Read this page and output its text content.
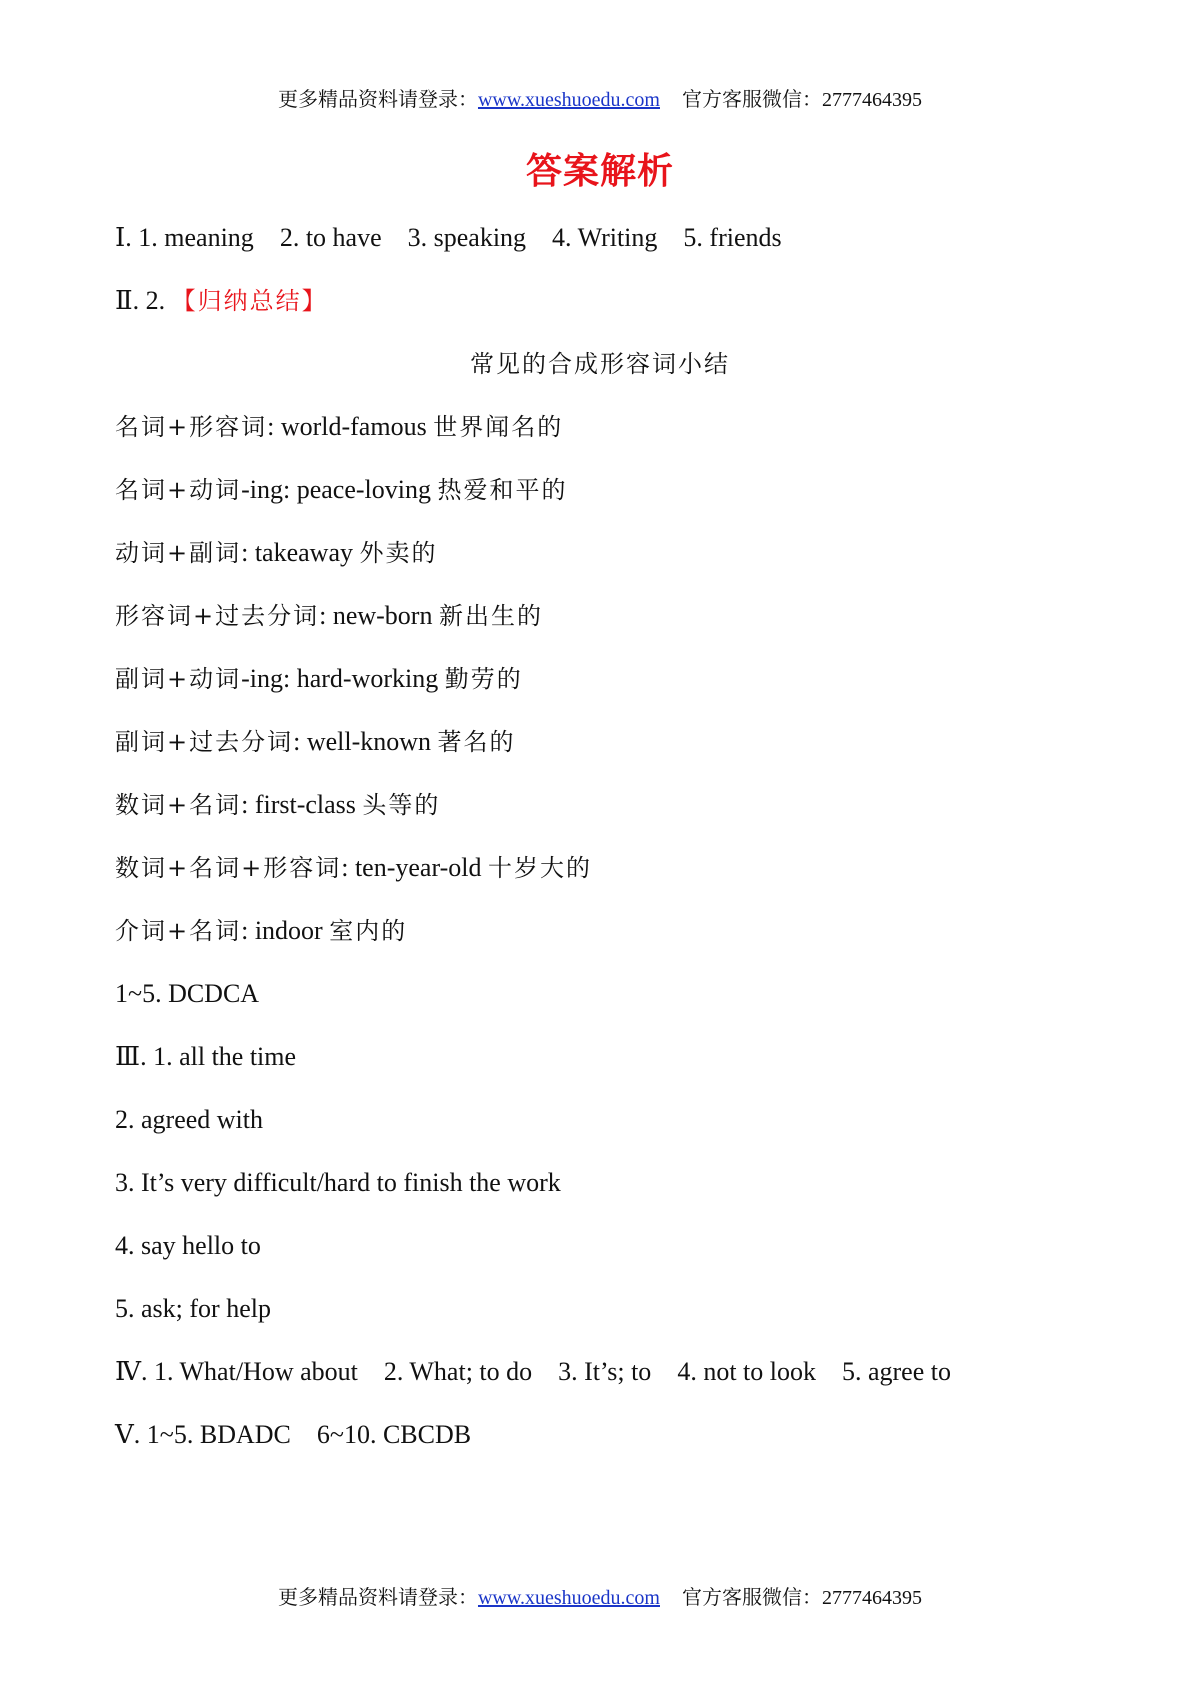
更多精品资料请登录：www.xueshuoedu.com 官方客服微信：2777464395
答案解析
Ⅰ. 1. meaning 2. to have 3. speaking 4. Writing 5. friends
Ⅱ. 2. 【归纳总结】
常见的合成形容词小结
名词+形容词: world-famous 世界闻名的
名词+动词-ing: peace-loving 热爱和平的
动词+副词: takeaway 外卖的
形容词+过去分词: new-born 新出生的
副词+动词-ing: hard-working 勤劳的
副词+过去分词: well-known 著名的
数词+名词: first-class 头等的
数词+名词+形容词: ten-year-old 十岁大的
介词+名词: indoor 室内的
1~5. DCDCA
Ⅲ. 1. all the time
2. agreed with
3. It’s very difficult/hard to finish the work
4. say hello to
5. ask; for help
Ⅳ. 1. What/How about 2. What; to do 3. It’s; to 4. not to look 5. agree to
Ⅴ. 1~5. BDADC 6~10. CBCDB
更多精品资料请登录：www.xueshuoedu.com 官方客服微信：2777464395
